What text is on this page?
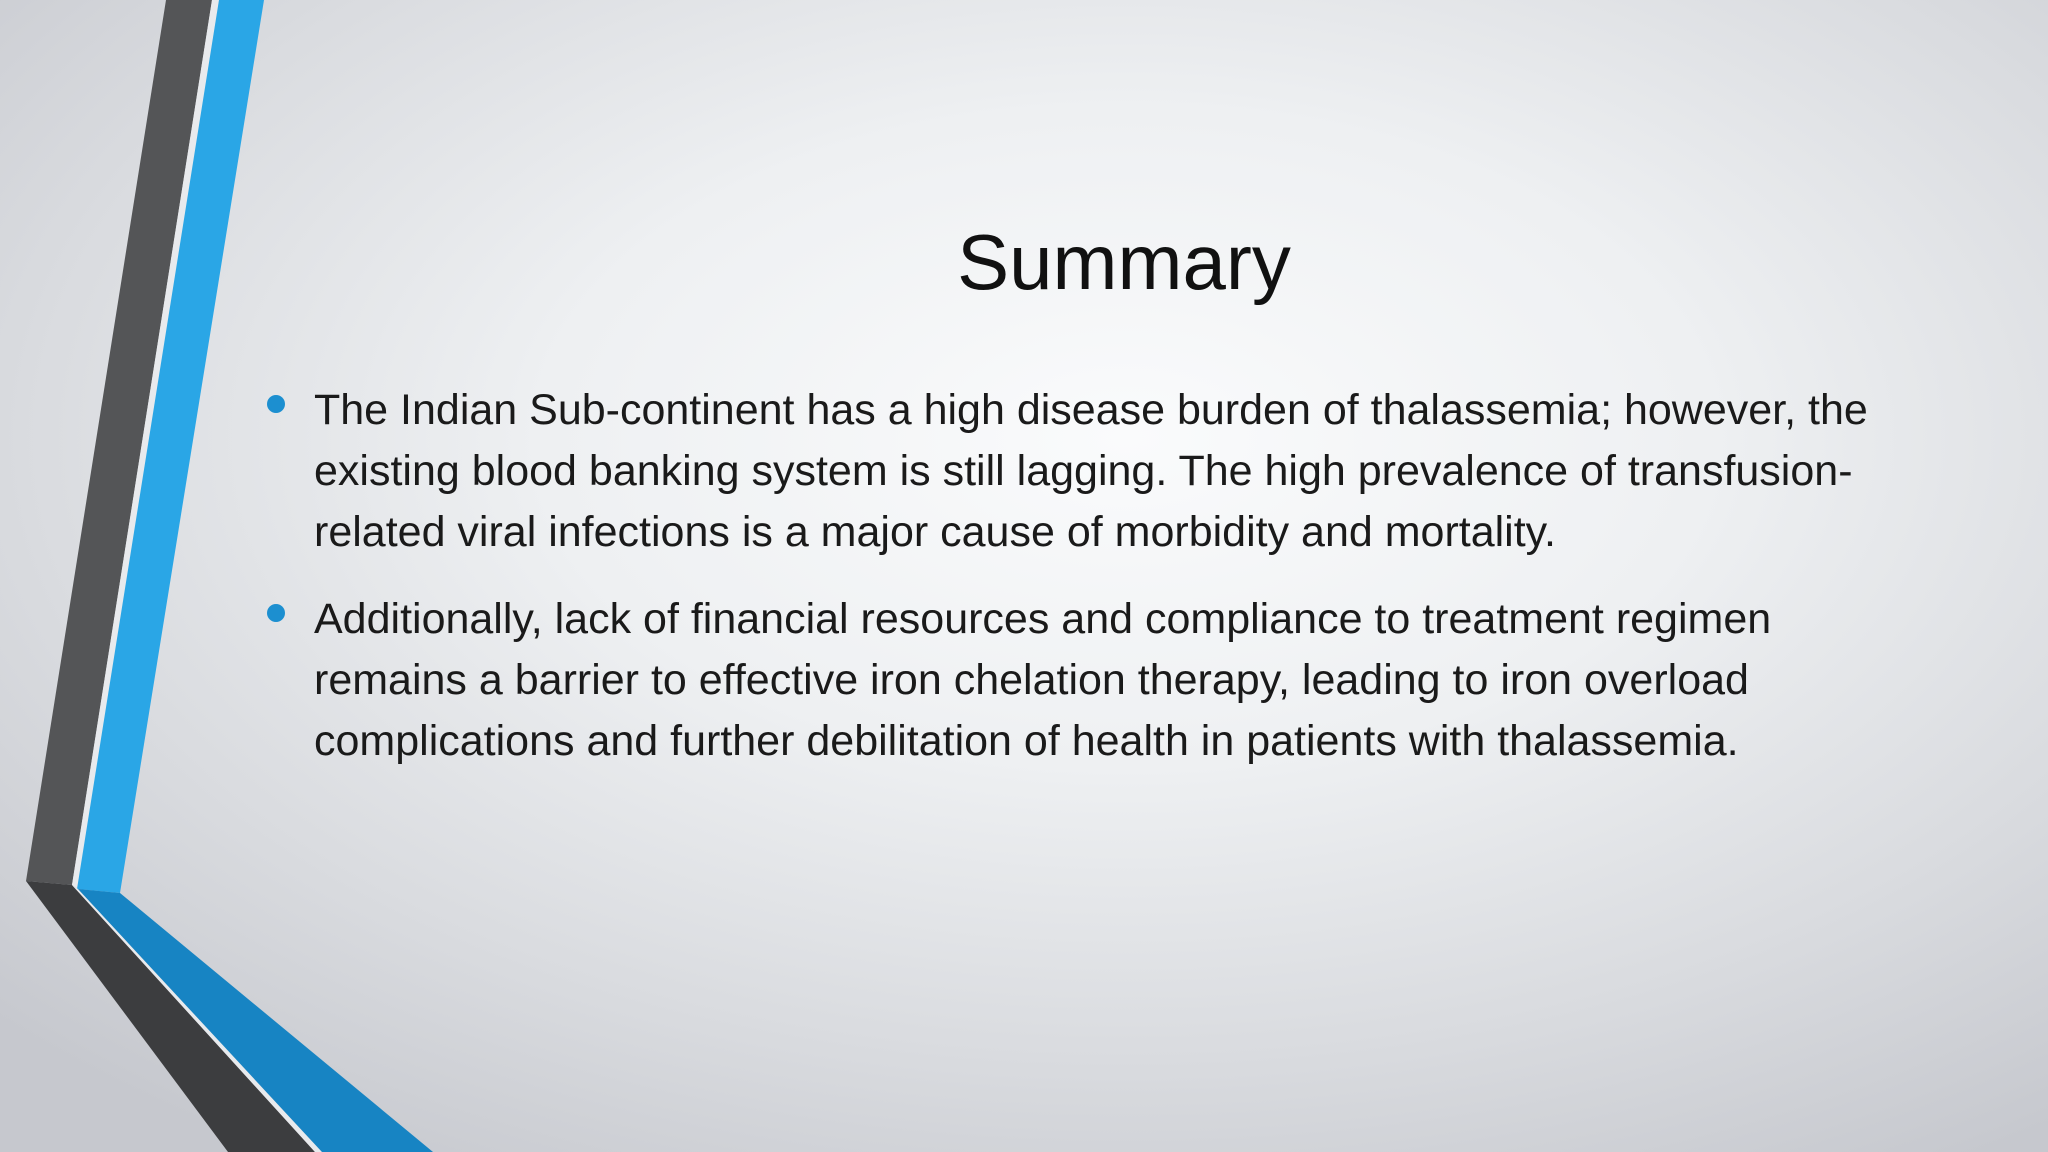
Summary
The Indian Sub-continent has a high disease burden of thalassemia; however, the existing blood banking system is still lagging. The high prevalence of transfusion-related viral infections is a major cause of morbidity and mortality.
Additionally, lack of financial resources and compliance to treatment regimen remains a barrier to effective iron chelation therapy, leading to iron overload complications and further debilitation of health in patients with thalassemia.
